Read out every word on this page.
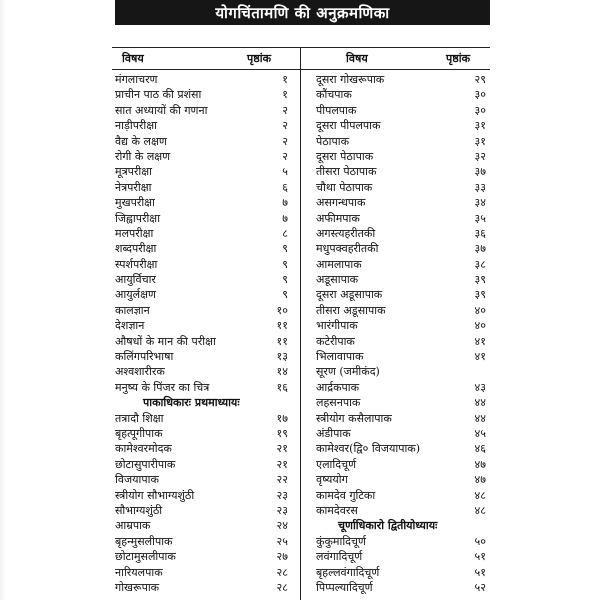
योगचिंतामणि की अनुक्रमणिका
विषय	पृष्ठांक	विषय	पृष्ठांक
मंगलाचरण	१
प्राचीन पाठ की प्रशंसा	१
सात अध्यायों की गणना	२
नाड़ीपरीक्षा	२
वैद्य के लक्षण	२
रोगी के लक्षण	२
मूत्रपरीक्षा	५
नेत्रपरीक्षा	६
मुखपरीक्षा	७
जिह्वापरीक्षा	७
मलपरीक्षा	८
शब्दपरीक्षा	९
स्पर्शपरीक्षा	९
आयुर्विचार	९
आयुर्लक्षण	९
कालज्ञान	१०
देशज्ञान	११
औषधों के मान की परीक्षा	११
कलिंगपरिभाषा	१३
अश्वशारीरक	१४
मनुष्य के पिंजर का चित्र	१६
पाकाधिकारः प्रथमाध्यायः
तत्रादौ शिक्षा	१७
बृहत्पूगीपाक	१९
कामेश्वरमोदक	२१
छोटासुपारीपाक	२१
विजयापाक	२२
स्त्रीयोग सौभाग्यशुंठी	२३
सौभाग्यशुंठी	२३
आम्रपाक	२४
बृहन्मुसलीपाक	२५
छोटामुसलीपाक	२७
नारियलपाक	२८
गोखरूपाक	२८
दूसरा गोखरूपाक	२९
कौंचपाक	३०
पीपलपाक	३०
दूसरा पीपलपाक	३१
पेठापाक	३१
दूसरा पेठापाक	३२
तीसरा पेठापाक	३७
चौथा पेठापाक	३३
असगन्धपाक	३४
अफीमपाक	३५
अगस्त्यहरीतकी	३६
मधुपक्वहरीतकी	३७
आमलापाक	३८
अडूसापाक	३९
दूसरा अडूसापाक	३९
तीसरा अडूसापाक	४०
भारंगीपाक	४०
कटेरीपाक	४१
भिलावापाक	४१
सूरण (जमीकंद)
आर्द्रकपाक	४३
लहसनपाक	४४
स्त्रीयोग कसैलापाक	४४
अंडीपाक	४५
कामेश्वर(द्वि० विजयापाक)	४६
एलादिचूर्ण	४७
वृष्ययोग	४७
कामदेव गुटिका	४८
कामदेवरस	४८
चूर्णाधिकारो द्वितीयोध्यायः
कुंकुमादिचूर्ण	५०
लवंगादिचूर्ण	५१
बृहल्लवंगादिचूर्ण	५१
पिप्पल्यादिचूर्ण	५२
